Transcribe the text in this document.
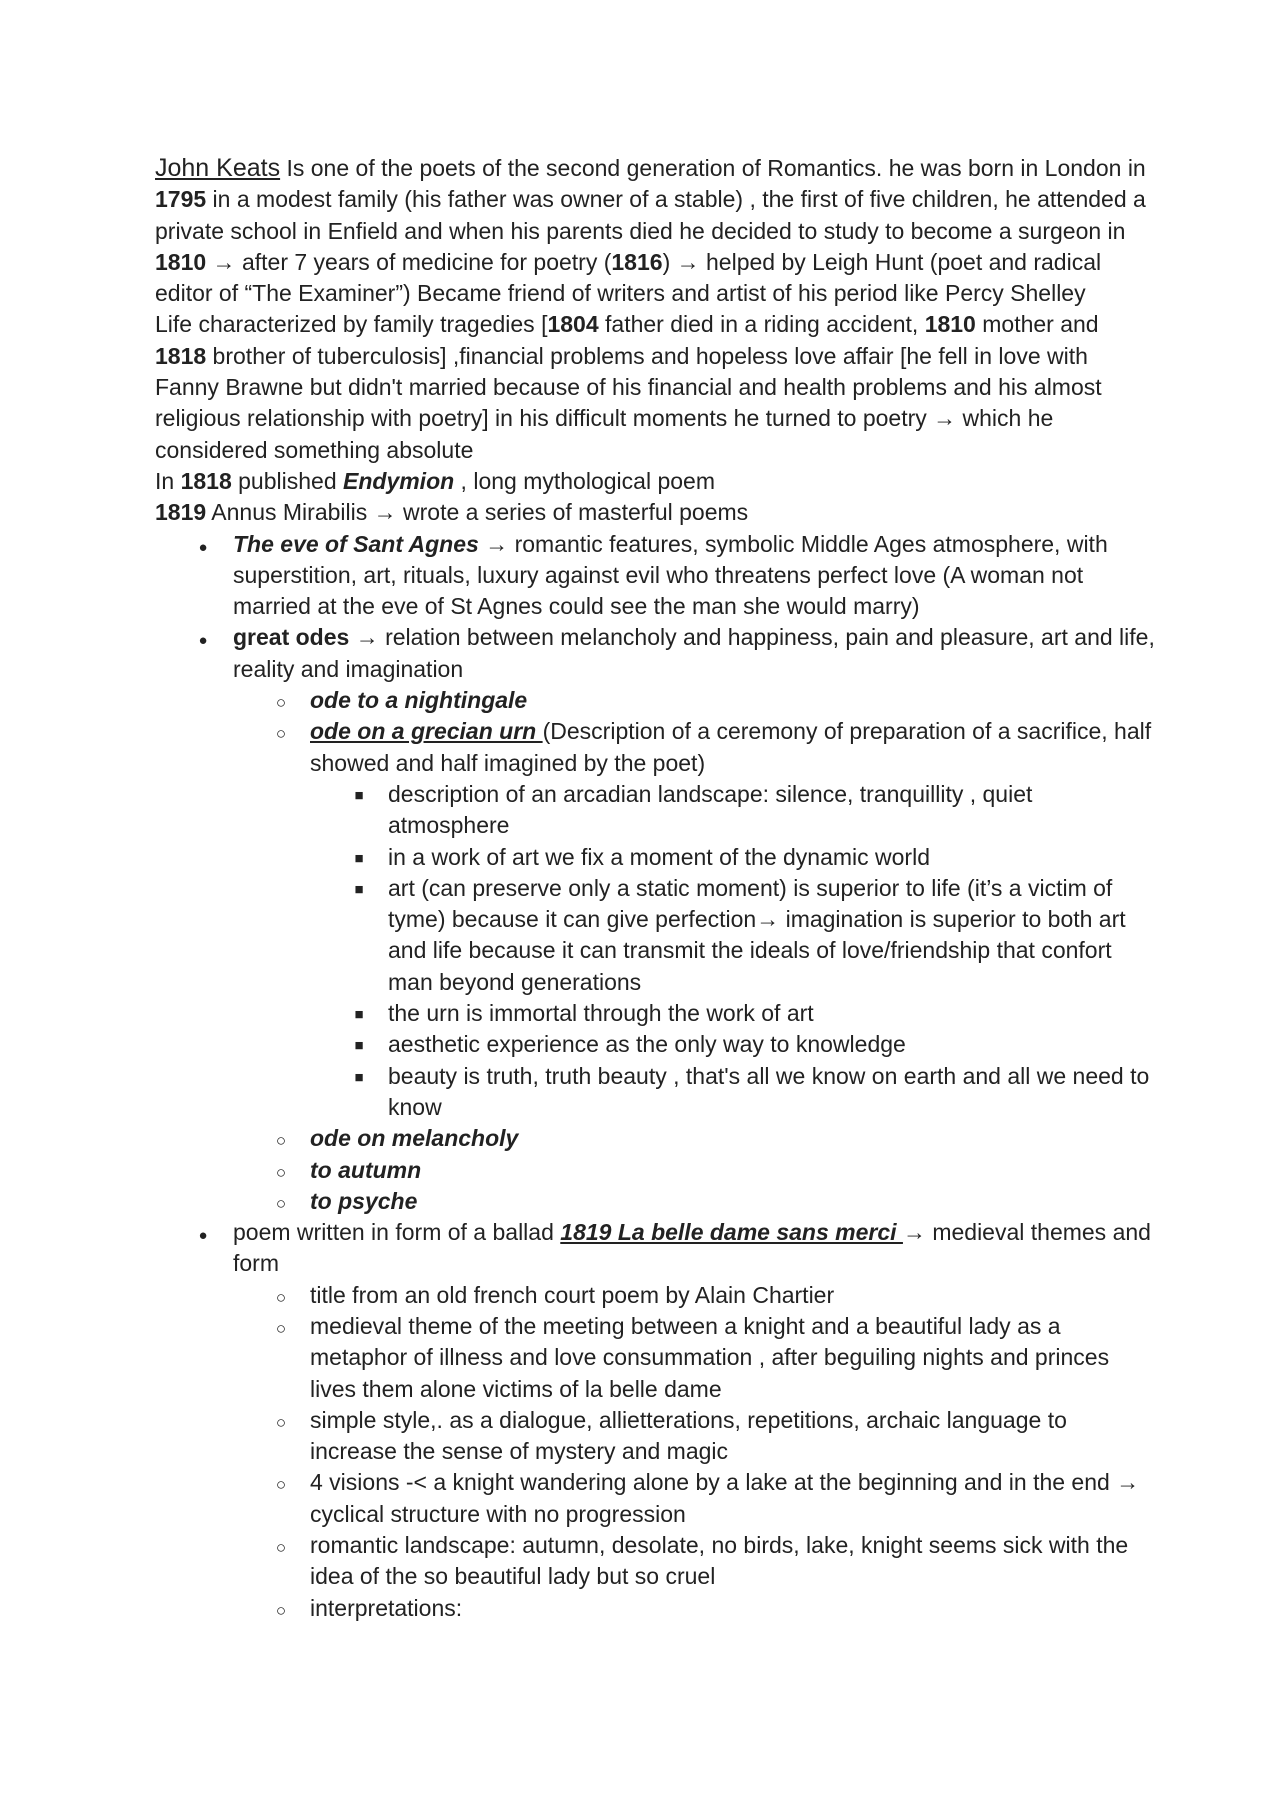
John Keats Is one of the poets of the second generation of Romantics. he was born in London in 1795 in a modest family (his father was owner of a stable) , the first of five children, he attended a private school in Enfield and when his parents died he decided to study to become a surgeon in 1810 → after 7 years of medicine for poetry (1816) → helped by Leigh Hunt (poet and radical editor of “The Examiner”) Became friend of writers and artist of his period like Percy Shelley

Life characterized by family tragedies [1804 father died in a riding accident, 1810 mother and 1818 brother of tuberculosis] ,financial problems and hopeless love affair [he fell in love with Fanny Brawne but didn't married because of his financial and health problems and his almost religious relationship with poetry] in his difficult moments he turned to poetry → which he considered something absolute

In 1818 published Endymion , long mythological poem

1819 Annus Mirabilis → wrote a series of masterful poems

●
The eve of Sant Agnes → romantic features, symbolic Middle Ages atmosphere, with superstition, art, rituals, luxury against evil who threatens perfect love (A woman not married at the eve of St Agnes could see the man she would marry)
●
great odes → relation between melancholy and happiness, pain and pleasure, art and life, reality and imagination
○
ode to a nightingale
○
ode on a grecian urn (Description of a ceremony of preparation of a sacrifice, half showed and half imagined by the poet)
■
description of an arcadian landscape: silence, tranquillity , quiet atmosphere
■
in a work of art we fix a moment of the dynamic world
■
art (can preserve only a static moment) is superior to life (it’s a victim of tyme) because it can give perfection→ imagination is superior to both art and life because it can transmit the ideals of love/friendship that confort man beyond generations
■
the urn is immortal through the work of art
■
aesthetic experience as the only way to knowledge
■
beauty is truth, truth beauty , that's all we know on earth and all we need to know
○
ode on melancholy
○
to autumn
○
to psyche
●
poem written in form of a ballad 1819 La belle dame sans merci → medieval themes and form
○
title from an old french court poem by Alain Chartier
○
medieval theme of the meeting between a knight and a beautiful lady as a metaphor of illness and love consummation , after beguiling nights and princes lives them alone victims of la belle dame
○
simple style,. as a dialogue, allietterations, repetitions, archaic language to increase the sense of mystery and magic
○
4 visions -< a knight wandering alone by a lake at the beginning and in the end → cyclical structure with no progression
○
romantic landscape: autumn, desolate, no birds, lake, knight seems sick with the idea of the so beautiful lady but so cruel
○
interpretations:
